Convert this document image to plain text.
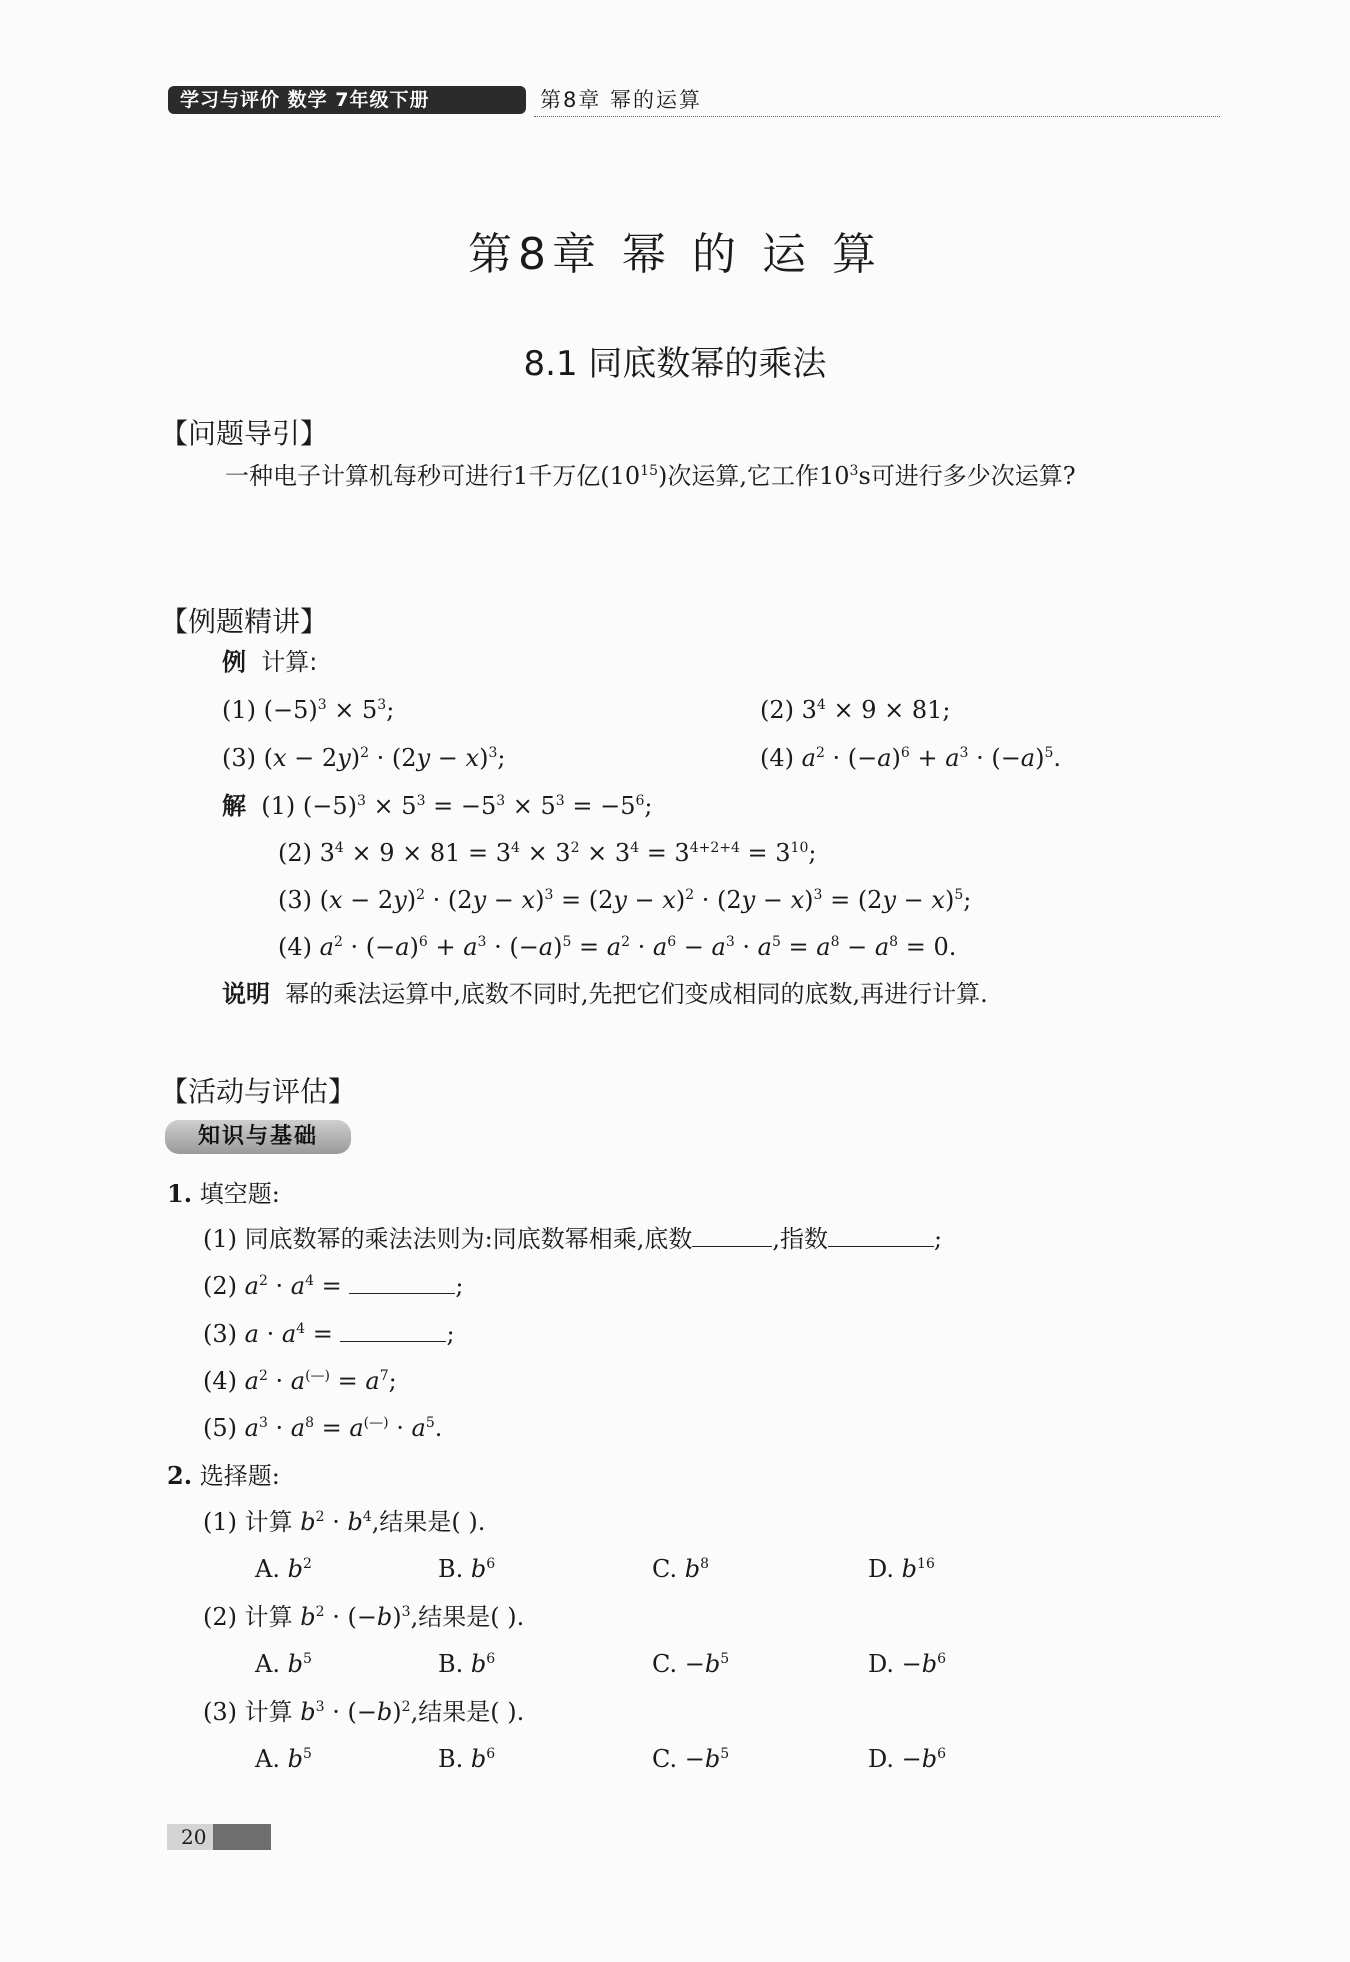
学习与评价 数学 7年级下册	第8章 幂的运算
第8章 幂 的 运 算
8.1 同底数幂的乘法
【问题导引】
一种电子计算机每秒可进行1千万亿$(10^{15})$次运算,它工作$10^3s$可进行多少次运算?
【例题精讲】
例 计算:
(1) $(-5)^3 \times 5^3$;	(2) $3^4 \times 9 \times 81$;
(3) $(x - 2y)^2 \cdot (2y - x)^3$;	(4) $a^2 \cdot (-a)^6 + a^3 \cdot (-a)^5$.
解  (1) $(-5)^3 \times 5^3 = -5^3 \times 5^3 = -5^6$;
(2) $3^4 \times 9 \times 81 = 3^4 \times 3^2 \times 3^4 = 3^{4+2+4} = 3^{10}$;
(3) $(x - 2y)^2 \cdot (2y - x)^3 = (2y - x)^2 \cdot (2y - x)^3 = (2y - x)^5$;
(4) $a^2 \cdot (-a)^6 + a^3 \cdot (-a)^5 = a^2 \cdot a^6 - a^3 \cdot a^5 = a^8 - a^8 = 0$.
说明 幂的乘法运算中,底数不同时,先把它们变成相同的底数,再进行计算.
【活动与评估】
知识与基础
1. 填空题:
(1) 同底数幂的乘法法则为:同底数幂相乘,底数	,指数	;
(2) $a^2 \cdot a^4$ =	;
(3) $a \cdot a^4$ =	;
(4) $a^2 \cdot a^{(—)} = a^7$;
(5) $a^3 \cdot a^8 = a^{(—)} \cdot a^5$.
2. 选择题:
(1) 计算 $b^2 \cdot b^4$,结果是( ).
A. $b^2$	B. $b^6$	C. $b^8$	D. $b^{16}$
(2) 计算 $b^2 \cdot (-b)^3$,结果是( ).
A. $b^5$	B. $b^6$	C. $-b^5$	D. $-b^6$
(3) 计算 $b^3 \cdot (-b)^2$,结果是( ).
A. $b^5$	B. $b^6$	C. $-b^5$	D. $-b^6$
20
